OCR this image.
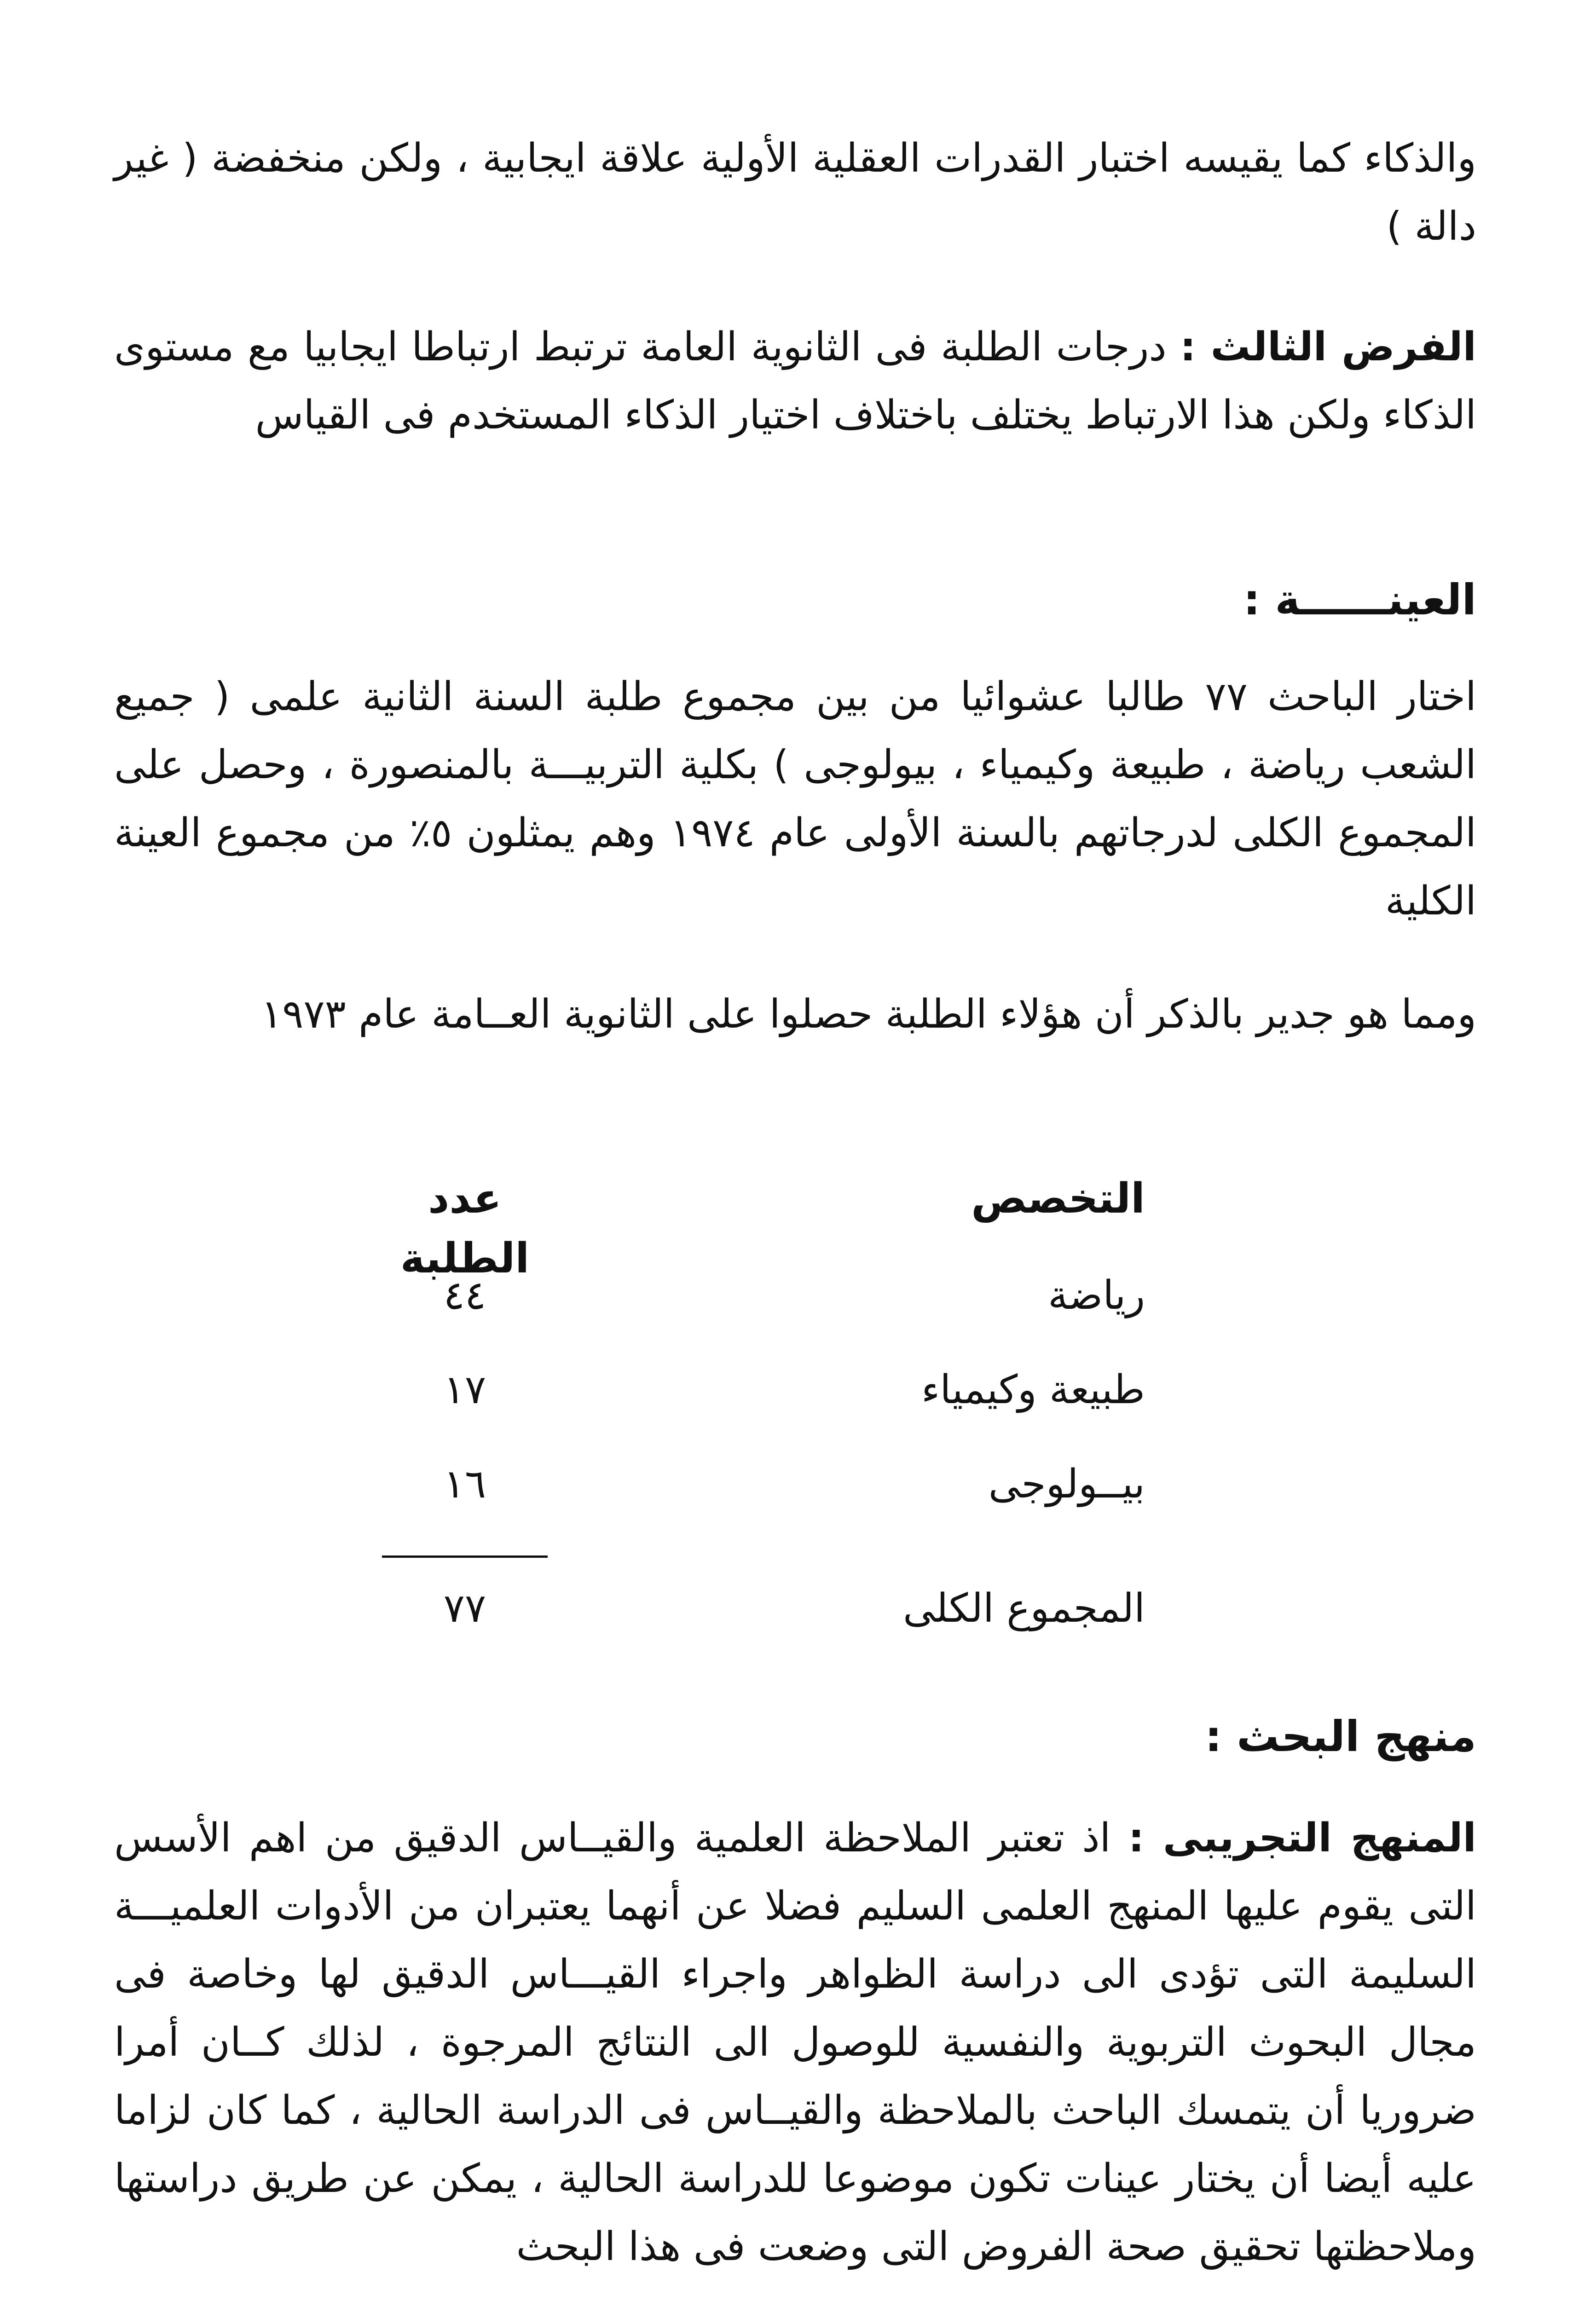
والذكاء كما يقيسه اختبار القدرات العقلية الأولية علاقة ايجابية ، ولكن منخفضة ( غير دالة )

الفرض الثالث : درجات الطلبة فى الثانوية العامة ترتبط ارتباطا ايجابيا مع مستوى الذكاء ولكن هذا الارتباط يختلف باختلاف اختيار الذكاء المستخدم فى القياس

العينــــــة :

اختار الباحث ٧٧ طالبا عشوائيا من بين مجموع طلبة السنة الثانية علمى ( جميع الشعب رياضة ، طبيعة وكيمياء ، بيولوجى ) بكلية التربيـــة بالمنصورة ، وحصل على المجموع الكلى لدرجاتهم بالسنة الأولى عام ١٩٧٤ وهم يمثلون ٥٪ من مجموع العينة الكلية

ومما هو جدير بالذكر أن هؤلاء الطلبة حصلوا على الثانوية العــامة عام ١٩٧٣

التخصص
عدد الطلبة
رياضة
٤٤
طبيعة وكيمياء
١٧
بيــولوجى
١٦
المجموع الكلى
٧٧
منهج البحث :

المنهج التجريبى : اذ تعتبر الملاحظة العلمية والقيــاس الدقيق من اهم الأسس التى يقوم عليها المنهج العلمى السليم فضلا عن أنهما يعتبران من الأدوات العلميـــة السليمة التى تؤدى الى دراسة الظواهر واجراء القيـــاس الدقيق لها وخاصة فى مجال البحوث التربوية والنفسية للوصول الى النتائج المرجوة ، لذلك كــان أمرا ضروريا أن يتمسك الباحث بالملاحظة والقيــاس فى الدراسة الحالية ، كما كان لزاما عليه أيضا أن يختار عينات تكون موضوعا للدراسة الحالية ، يمكن عن طريق دراستها وملاحظتها تحقيق صحة الفروض التى وضعت فى هذا البحث
